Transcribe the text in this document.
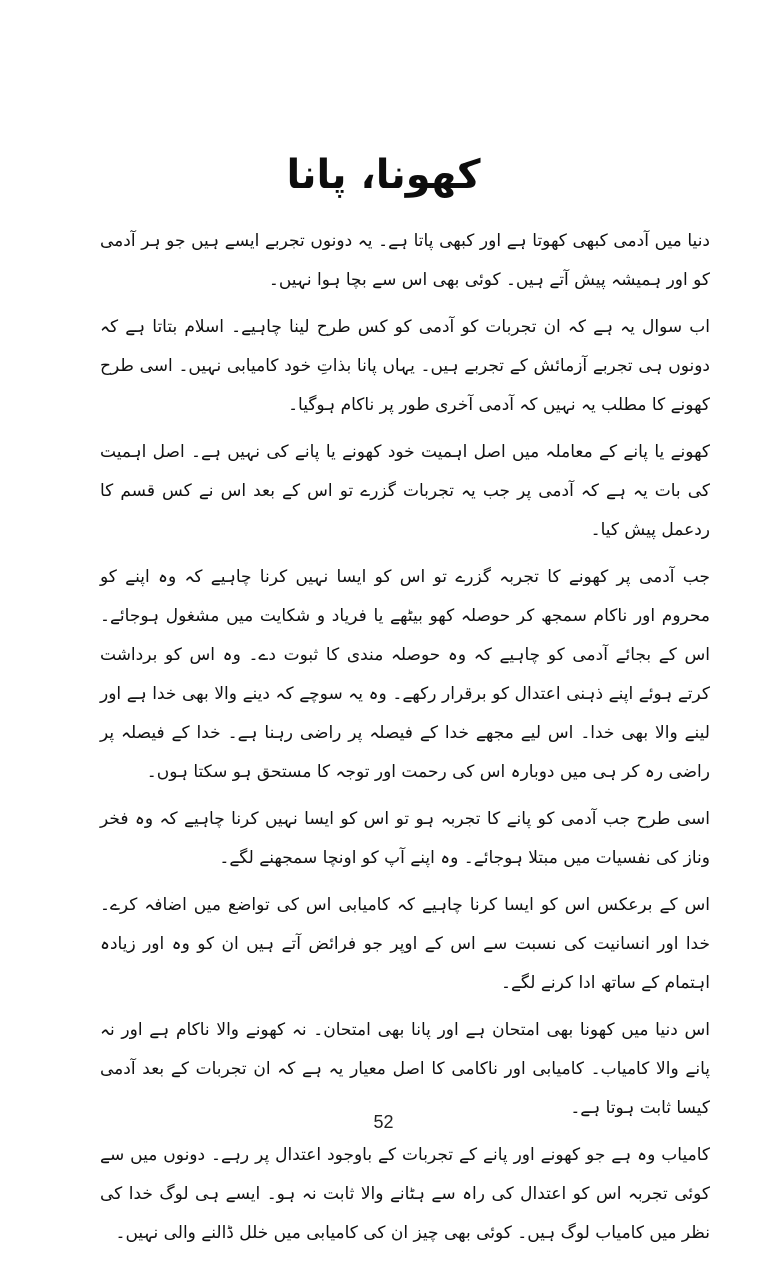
کھونا، پانا

دنیا میں آدمی کبھی کھوتا ہے اور کبھی پاتا ہے۔ یہ دونوں تجربے ایسے ہیں جو ہر آدمی کو اور ہمیشہ پیش آتے ہیں۔ کوئی بھی اس سے بچا ہوا نہیں۔

اب سوال یہ ہے کہ ان تجربات کو آدمی کو کس طرح لینا چاہیے۔ اسلام بتاتا ہے کہ دونوں ہی تجربے آزمائش کے تجربے ہیں۔ یہاں پانا بذاتِ خود کامیابی نہیں۔ اسی طرح کھونے کا مطلب یہ نہیں کہ آدمی آخری طور پر ناکام ہوگیا۔

کھونے یا پانے کے معاملہ میں اصل اہمیت خود کھونے یا پانے کی نہیں ہے۔ اصل اہمیت کی بات یہ ہے کہ آدمی پر جب یہ تجربات گزرے تو اس کے بعد اس نے کس قسم کا ردعمل پیش کیا۔

جب آدمی پر کھونے کا تجربہ گزرے تو اس کو ایسا نہیں کرنا چاہیے کہ وہ اپنے کو محروم اور ناکام سمجھ کر حوصلہ کھو بیٹھے یا فریاد و شکایت میں مشغول ہوجائے۔ اس کے بجائے آدمی کو چاہیے کہ وہ حوصلہ مندی کا ثبوت دے۔ وہ اس کو برداشت کرتے ہوئے اپنے ذہنی اعتدال کو برقرار رکھے۔ وہ یہ سوچے کہ دینے والا بھی خدا ہے اور لینے والا بھی خدا۔ اس لیے مجھے خدا کے فیصلہ پر راضی رہنا ہے۔ خدا کے فیصلہ پر راضی رہ کر ہی میں دوبارہ اس کی رحمت اور توجہ کا مستحق ہو سکتا ہوں۔

اسی طرح جب آدمی کو پانے کا تجربہ ہو تو اس کو ایسا نہیں کرنا چاہیے کہ وہ فخر وناز کی نفسیات میں مبتلا ہوجائے۔ وہ اپنے آپ کو اونچا سمجھنے لگے۔

اس کے برعکس اس کو ایسا کرنا چاہیے کہ کامیابی اس کی تواضع میں اضافہ کرے۔ خدا اور انسانیت کی نسبت سے اس کے اوپر جو فرائض آتے ہیں ان کو وہ اور زیادہ اہتمام کے ساتھ ادا کرنے لگے۔

اس دنیا میں کھونا بھی امتحان ہے اور پانا بھی امتحان۔ نہ کھونے والا ناکام ہے اور نہ پانے والا کامیاب۔ کامیابی اور ناکامی کا اصل معیار یہ ہے کہ ان تجربات کے بعد آدمی کیسا ثابت ہوتا ہے۔

کامیاب وہ ہے جو کھونے اور پانے کے تجربات کے باوجود اعتدال پر رہے۔ دونوں میں سے کوئی تجربہ اس کو اعتدال کی راہ سے ہٹانے والا ثابت نہ ہو۔ ایسے ہی لوگ خدا کی نظر میں کامیاب لوگ ہیں۔ کوئی بھی چیز ان کی کامیابی میں خلل ڈالنے والی نہیں۔

52
